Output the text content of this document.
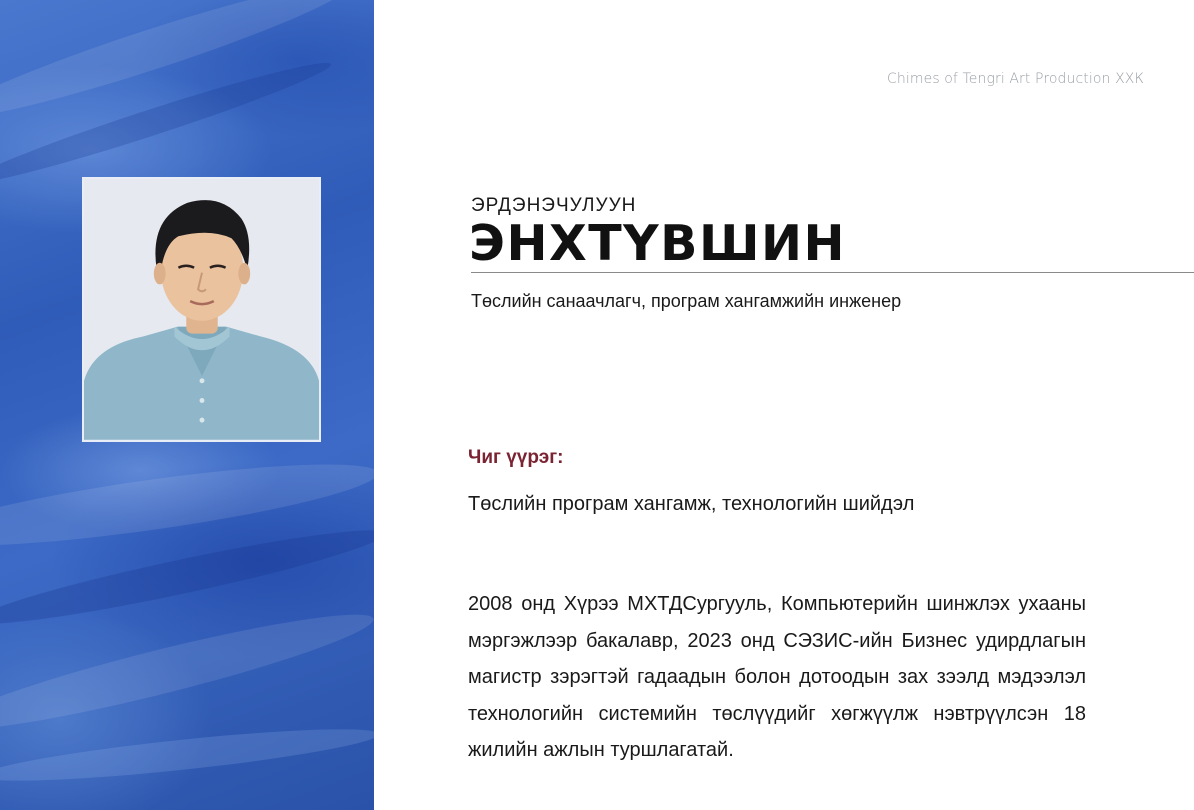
Chimes of Tengri Art Production ХХК
ЭРДЭНЭЧУЛУУН
ЭНХТҮВШИН
Төслийн санаачлагч, програм хангамжийн инженер
Чиг үүрэг:
Төслийн програм хангамж, технологийн шийдэл
2008 онд Хүрээ МХТДСургууль, Компьютерийн шинжлэх ухааны мэргэжлээр бакалавр, 2023 онд СЭЗИС-ийн Бизнес удирдлагын магистр зэрэгтэй гадаадын болон дотоодын зах зээлд мэдээлэл технологийн системийн төслүүдийг хөгжүүлж нэвтрүүлсэн 18 жилийн ажлын туршлагатай.
